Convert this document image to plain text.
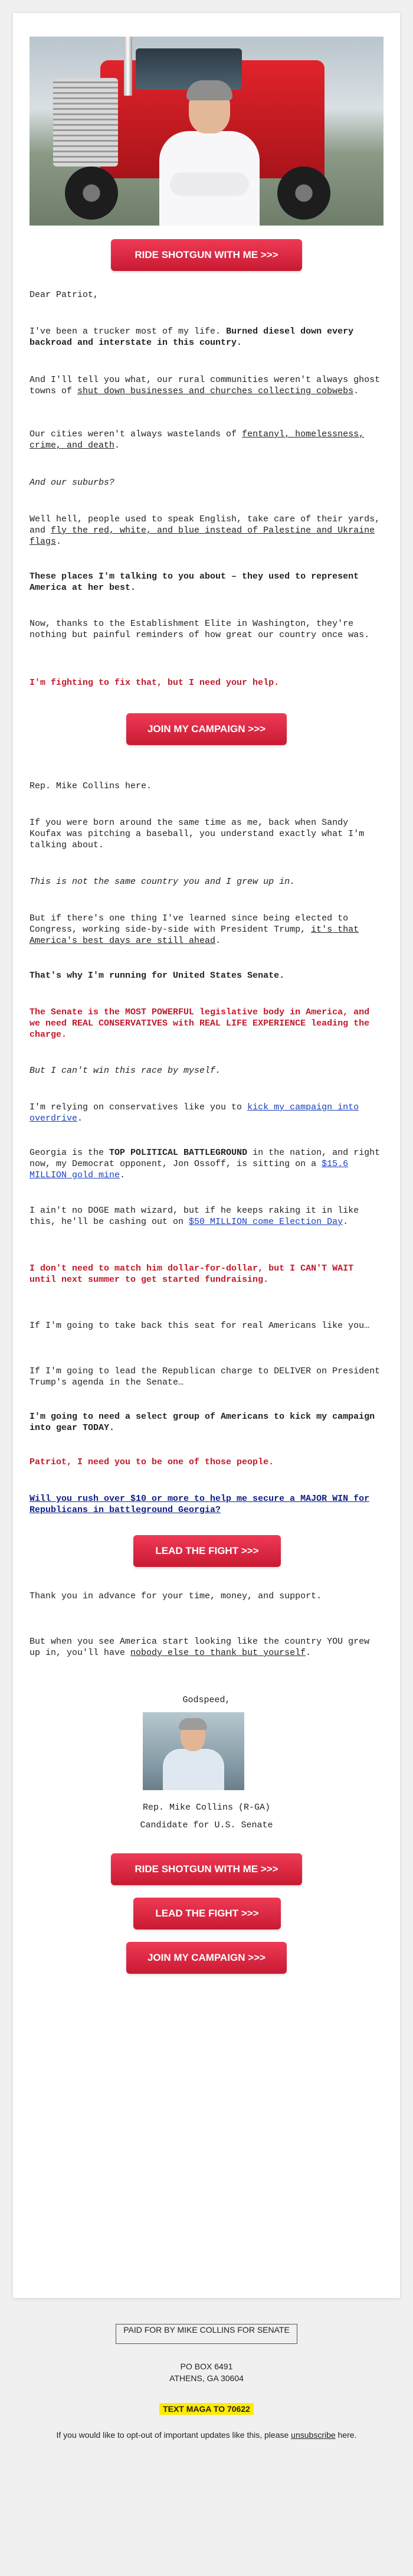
RIDE SHOTGUN WITH ME >>>

Dear Patriot,

I've been a trucker most of my life. Burned diesel down every backroad and interstate in this country.

And I'll tell you what, our rural communities weren't always ghost towns of shut down businesses and churches collecting cobwebs.

Our cities weren't always wastelands of fentanyl, homelessness, crime, and death.

And our suburbs?

Well hell, people used to speak English, take care of their yards, and fly the red, white, and blue instead of Palestine and Ukraine flags.

These places I'm talking to you about – they used to represent America at her best.

Now, thanks to the Establishment Elite in Washington, they're nothing but painful reminders of how great our country once was.

I'm fighting to fix that, but I need your help.

JOIN MY CAMPAIGN >>>

Rep. Mike Collins here.

If you were born around the same time as me, back when Sandy Koufax was pitching a baseball, you understand exactly what I'm talking about.

This is not the same country you and I grew up in.

But if there's one thing I've learned since being elected to Congress, working side-by-side with President Trump, it's that America's best days are still ahead.

That's why I'm running for United States Senate.

The Senate is the MOST POWERFUL legislative body in America, and we need REAL CONSERVATIVES with REAL LIFE EXPERIENCE leading the charge.

But I can't win this race by myself.

I'm relying on conservatives like you to kick my campaign into overdrive.

Georgia is the TOP POLITICAL BATTLEGROUND in the nation, and right now, my Democrat opponent, Jon Ossoff, is sitting on a $15.6 MILLION gold mine.

I ain't no DOGE math wizard, but if he keeps raking it in like this, he'll be cashing out on $50 MILLION come Election Day.

I don't need to match him dollar-for-dollar, but I CAN'T WAIT until next summer to get started fundraising.

If I'm going to take back this seat for real Americans like you…

If I'm going to lead the Republican charge to DELIVER on President Trump's agenda in the Senate…

I'm going to need a select group of Americans to kick my campaign into gear TODAY.

Patriot, I need you to be one of those people.

Will you rush over $10 or more to help me secure a MAJOR WIN for Republicans in battleground Georgia?

LEAD THE FIGHT >>>

Thank you in advance for your time, money, and support.

But when you see America start looking like the country YOU grew up in, you'll have nobody else to thank but yourself.

Godspeed,

Rep. Mike Collins (R-GA)

Candidate for U.S. Senate

RIDE SHOTGUN WITH ME >>>
LEAD THE FIGHT >>>
JOIN MY CAMPAIGN >>>
PAID FOR BY MIKE COLLINS FOR SENATE
PO BOX 6491
ATHENS, GA 30604
TEXT MAGA TO 70622
If you would like to opt-out of important updates like this, please unsubscribe here.
